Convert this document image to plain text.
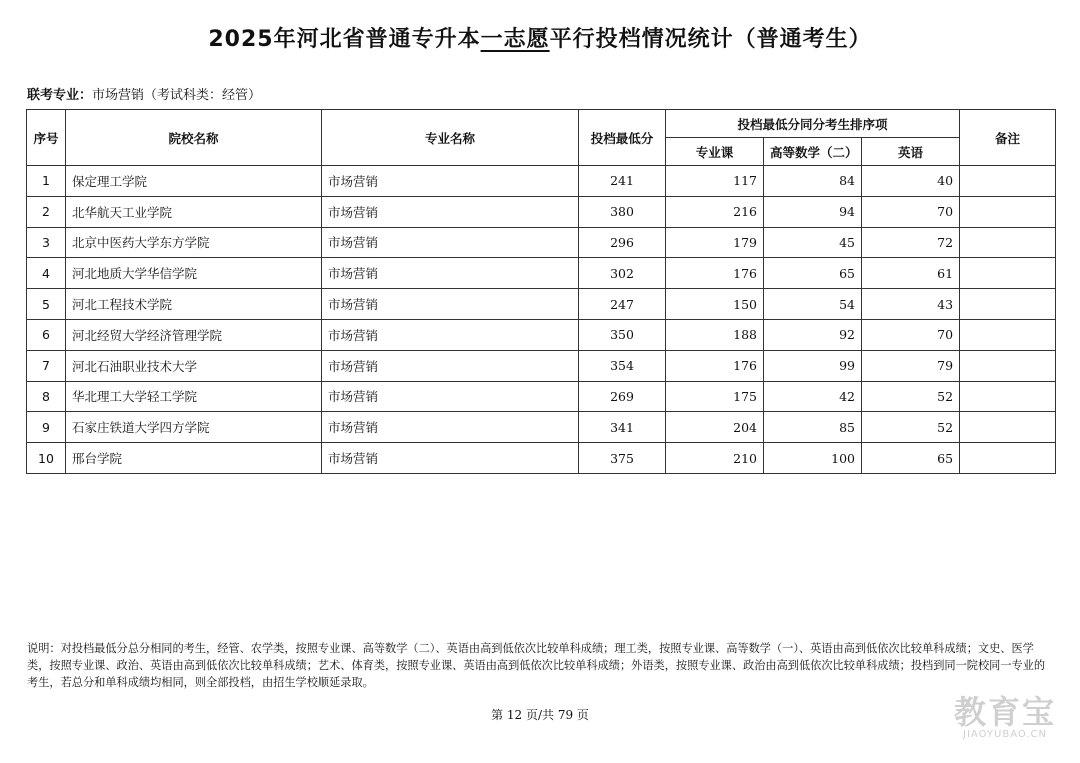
2025年河北省普通专升本一志愿平行投档情况统计（普通考生）
联考专业：市场营销（考试科类：经管）
序号	院校名称	专业名称	投档最低分	投档最低分同分考生排序项			备注
				专业课	高等数学（二）	英语	
1	保定理工学院	市场营销	241	117	84	40	
2	北华航天工业学院	市场营销	380	216	94	70	
3	北京中医药大学东方学院	市场营销	296	179	45	72	
4	河北地质大学华信学院	市场营销	302	176	65	61	
5	河北工程技术学院	市场营销	247	150	54	43	
6	河北经贸大学经济管理学院	市场营销	350	188	92	70	
7	河北石油职业技术大学	市场营销	354	176	99	79	
8	华北理工大学轻工学院	市场营销	269	175	42	52	
9	石家庄铁道大学四方学院	市场营销	341	204	85	52	
10	邢台学院	市场营销	375	210	100	65	
说明：对投档最低分总分相同的考生，经管、农学类，按照专业课、高等数学（二）、英语由高到低依次比较单科成绩；理工类，按照专业课、高等数学（一）、英语由高到低依次比较单科成绩；文史、医学类，按照专业课、政治、英语由高到低依次比较单科成绩；艺术、体育类，按照专业课、英语由高到低依次比较单科成绩；外语类，按照专业课、政治由高到低依次比较单科成绩；投档到同一院校同一专业的考生，若总分和单科成绩均相同，则全部投档，由招生学校顺延录取。
第 12 页/共 79 页	教育宝
JIAOYUBAO.CN
